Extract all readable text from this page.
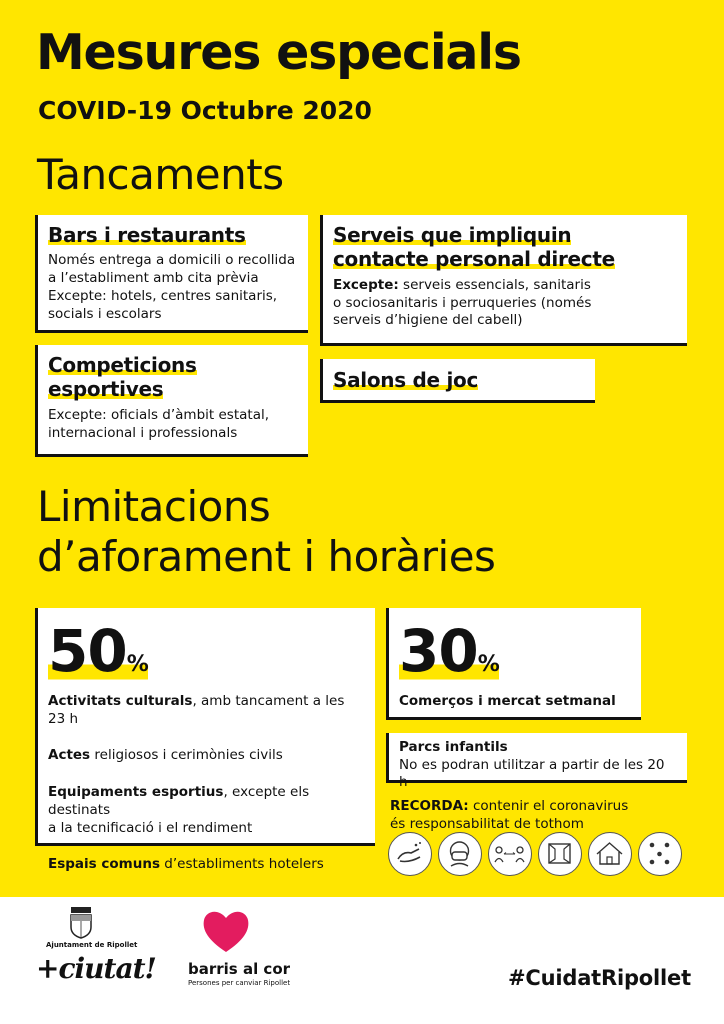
Mesures especials
COVID-19 Octubre 2020
Tancaments
Bars i restaurants
Només entrega a domicili o recollida
a l’establiment amb cita prèvia
Excepte: hotels, centres sanitaris,
socials i escolars
Serveis que impliquin
contacte personal directe
Excepte: serveis essencials, sanitaris
o sociosanitaris i perruqueries (només
serveis d’higiene del cabell)
Competicions
esportives
Excepte: oficials d’àmbit estatal,
internacional i professionals
Salons de joc
Limitacions
d’aforament i horàries
50%
Activitats culturals, amb tancament a les 23 h
Actes religiosos i cerimònies civils
Equipaments esportius, excepte els destinats
a la tecnificació i el rendiment
Espais comuns d’establiments hotelers
30%
Comerços i mercat setmanal
Parcs infantils
No es podran utilitzar a partir de les 20 h
RECORDA: contenir el coronavirus
és responsabilitat de tothom
Ajuntament de Ripollet
+ciutat! barris al cor
Persones per canviar Ripollet	#CuidatRipollet
